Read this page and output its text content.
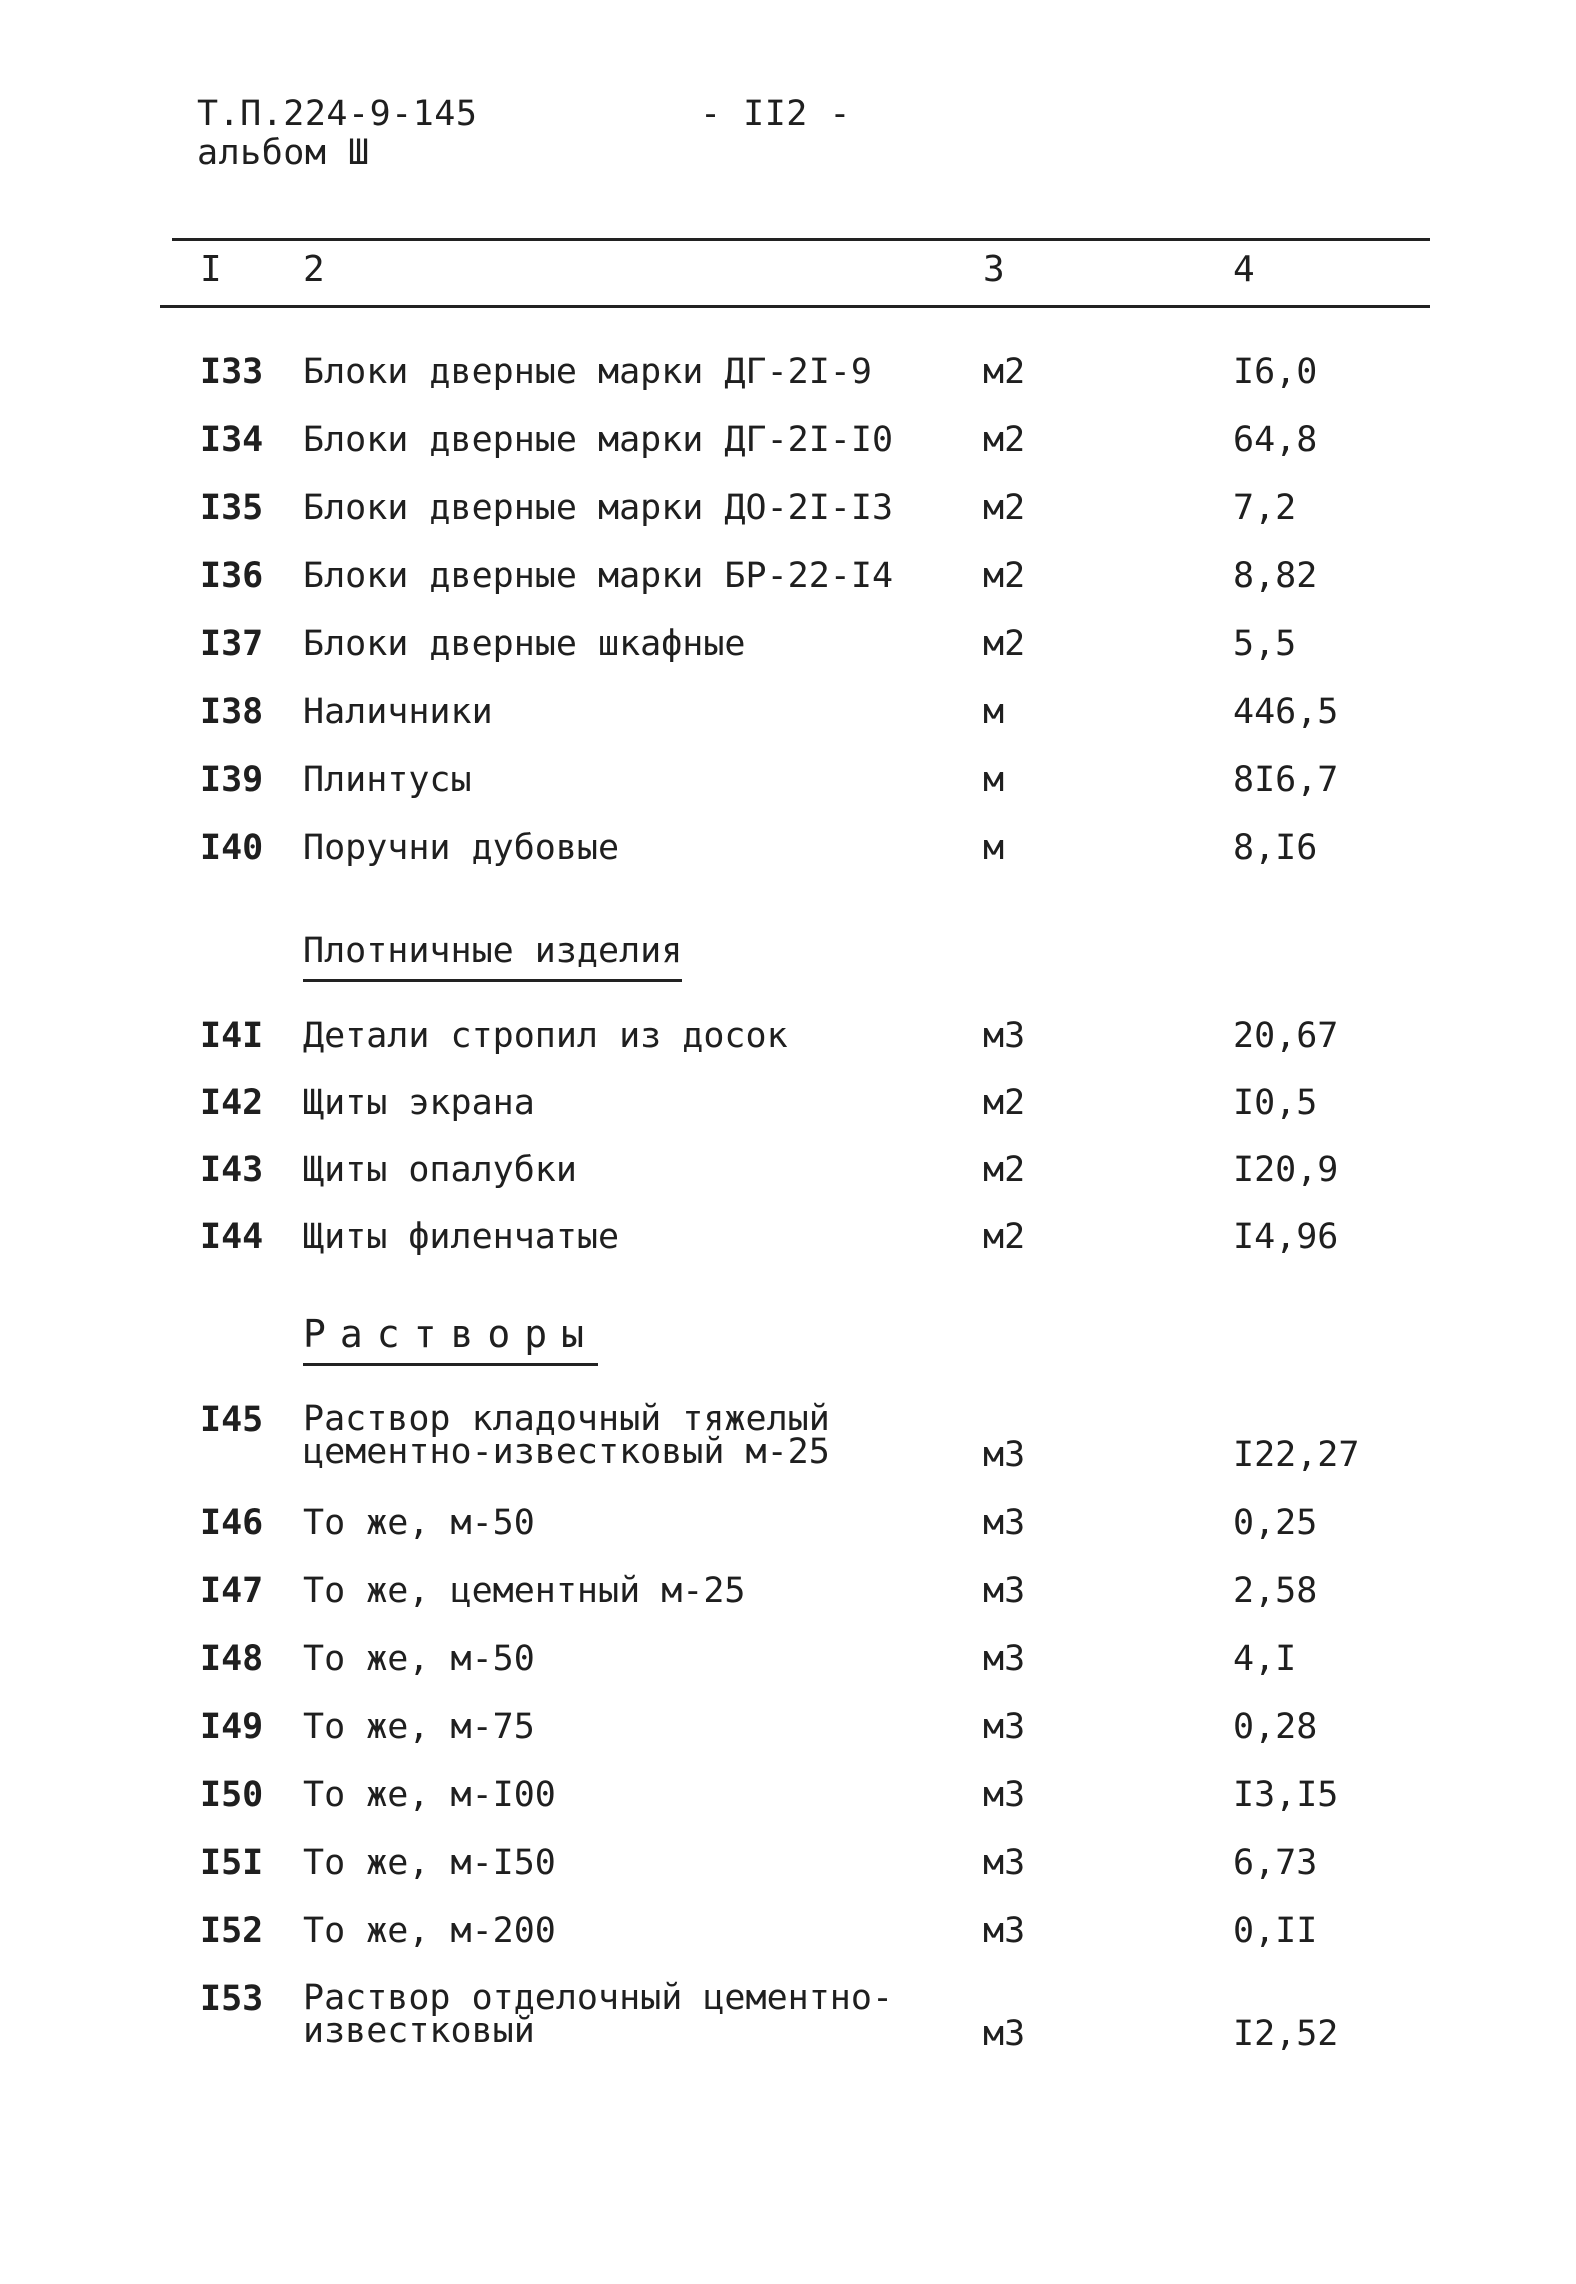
Т.П.224-9-145
альбом Ш
- II2 -
I 2	3	4
I33 Блоки дверные марки ДГ-2I-9	м2	I6,0
I34 Блоки дверные марки ДГ-2I-I0	м2	64,8
I35 Блоки дверные марки ДО-2I-I3	м2	7,2
I36 Блоки дверные марки БР-22-I4	м2	8,82
I37 Блоки дверные шкафные	м2	5,5
I38 Наличники	м	446,5
I39 Плинтусы	м	8I6,7
I40 Поручни дубовые	м	8,I6
Плотничные изделия
I4I Детали стропил из досок	м3	20,67
I42 Щиты экрана	м2	I0,5
I43 Щиты опалубки	м2	I20,9
I44 Щиты филенчатые	м2	I4,96
Растворы
I45 Раствор кладочный тяжелый
цементно-известковый м-25	м3	I22,27
I46 То же, м-50	м3	0,25
I47 То же, цементный м-25	м3	2,58
I48 То же, м-50	м3	4,I
I49 То же, м-75	м3	0,28
I50 То же, м-I00	м3	I3,I5
I5I То же, м-I50	м3	6,73
I52 То же, м-200	м3	0,II
I53 Раствор отделочный цементно-
известковый	м3	I2,52
